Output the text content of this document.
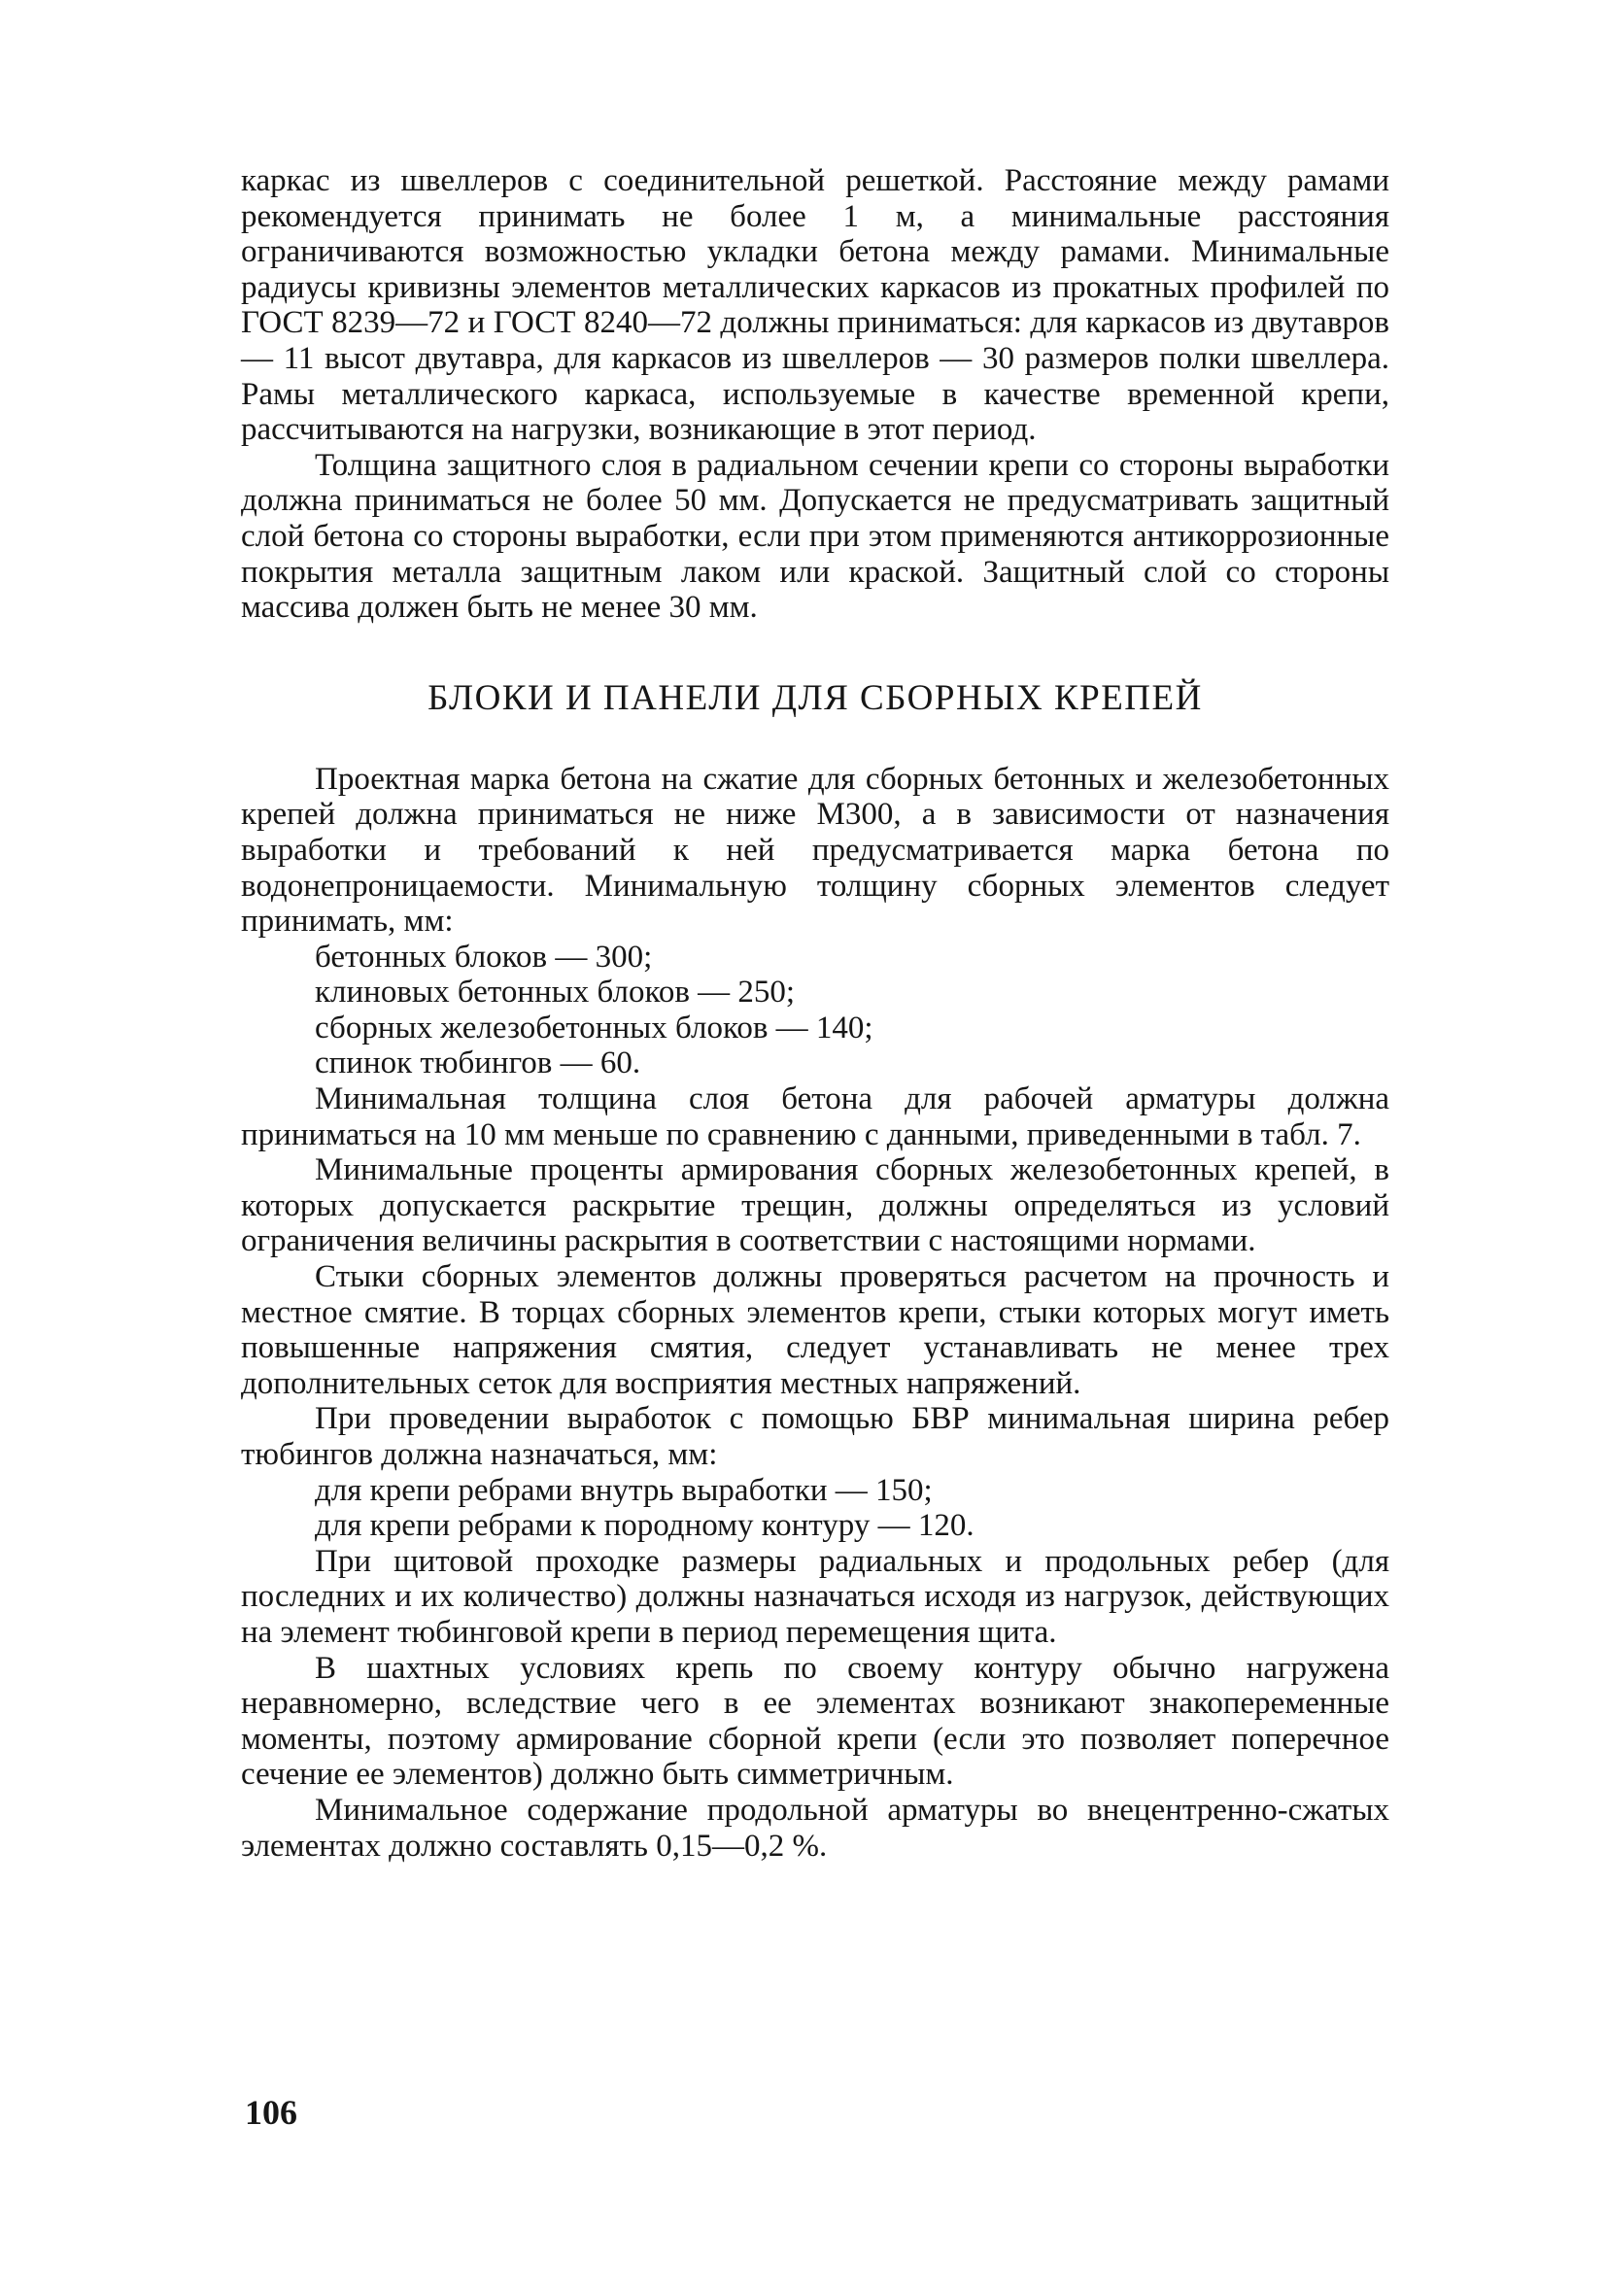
каркас из швеллеров с соединительной решеткой. Расстояние между рамами рекомендуется принимать не более 1 м, а минимальные расстояния ограничиваются возможностью укладки бетона между рамами. Минимальные радиусы кривизны элементов металлических каркасов из прокатных профилей по ГОСТ 8239—72 и ГОСТ 8240—72 должны приниматься: для каркасов из двутавров — 11 высот двутавра, для каркасов из швеллеров — 30 размеров полки швеллера. Рамы металлического каркаса, используемые в качестве временной крепи, рассчитываются на нагрузки, возникающие в этот период.

Толщина защитного слоя в радиальном сечении крепи со стороны выработки должна приниматься не более 50 мм. Допускается не предусматривать защитный слой бетона со стороны выработки, если при этом применяются антикоррозионные покрытия металла защитным лаком или краской. Защитный слой со стороны массива должен быть не менее 30 мм.

БЛОКИ И ПАНЕЛИ ДЛЯ СБОРНЫХ КРЕПЕЙ

Проектная марка бетона на сжатие для сборных бетонных и железобетонных крепей должна приниматься не ниже М300, а в зависимости от назначения выработки и требований к ней предусматривается марка бетона по водонепроницаемости. Минимальную толщину сборных элементов следует принимать, мм:

бетонных блоков — 300;

клиновых бетонных блоков — 250;

сборных железобетонных блоков — 140;

спинок тюбингов — 60.

Минимальная толщина слоя бетона для рабочей арматуры должна приниматься на 10 мм меньше по сравнению с данными, приведенными в табл. 7.

Минимальные проценты армирования сборных железобетонных крепей, в которых допускается раскрытие трещин, должны определяться из условий ограничения величины раскрытия в соответствии с настоящими нормами.

Стыки сборных элементов должны проверяться расчетом на прочность и местное смятие. В торцах сборных элементов крепи, стыки которых могут иметь повышенные напряжения смятия, следует устанавливать не менее трех дополнительных сеток для восприятия местных напряжений.

При проведении выработок с помощью БВР минимальная ширина ребер тюбингов должна назначаться, мм:

для крепи ребрами внутрь выработки — 150;

для крепи ребрами к породному контуру — 120.

При щитовой проходке размеры радиальных и продольных ребер (для последних и их количество) должны назначаться исходя из нагрузок, действующих на элемент тюбинговой крепи в период перемещения щита.

В шахтных условиях крепь по своему контуру обычно нагружена неравномерно, вследствие чего в ее элементах возникают знакопеременные моменты, поэтому армирование сборной крепи (если это позволяет поперечное сечение ее элементов) должно быть симметричным.

Минимальное содержание продольной арматуры во внецентренно-сжатых элементах должно составлять 0,15—0,2 %.

106
